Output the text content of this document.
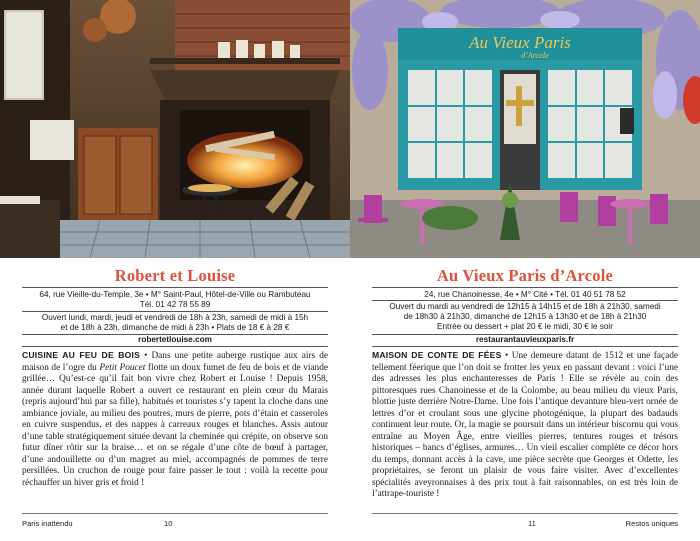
Robert et Louise
64, rue Vieille-du-Temple, 3e • M° Saint-Paul, Hôtel-de-Ville ou Rambuteau
Tél. 01 42 78 55 89
Ouvert lundi, mardi, jeudi et vendredi de 18h à 23h, samedi de midi à 15h
et de 18h à 23h, dimanche de midi à 23h • Plats de 18 € à 28 €
robertetlouise.com
CUISINE AU FEU DE BOIS • Dans une petite auberge rustique aux airs de maison de l’ogre du Petit Poucet flotte un doux fumet de feu de bois et de viande grillée… Qu’est-ce qu’il fait bon vivre chez Robert et Louise ! Depuis 1958, année durant laquelle Robert a ouvert ce restaurant en plein cœur du Marais (repris aujourd’hui par sa fille), habitués et touristes s’y tapent la cloche dans une ambiance joviale, au milieu des poutres, murs de pierre, pots d’étain et casseroles en cuivre suspendus, et des nappes à carreaux rouges et blanches. Assis autour d’une table stratégiquement située devant la cheminée qui crépite, on observe son futur dîner rôtir sur la braise… et on se régale d’une côte de bœuf à partager, d’une andouillette ou d’un magret au miel, accompagnés de pommes de terre persillées. Un cruchon de rouge pour faire passer le tout : voilà la recette pour réchauffer un hiver gris et froid !
Paris inattendu	10
Au Vieux Paris
d’Arcole
Au Vieux Paris d’Arcole
24, rue Chanoinesse, 4e • M° Cité • Tél. 01 40 51 78 52
Ouvert du mardi au vendredi de 12h15 à 14h15 et de 18h à 21h30, samedi
de 18h30 à 21h30, dimanche de 12h15 à 13h30 et de 18h à 21h30
Entrée ou dessert + plat 20 € le midi, 30 € le soir
restaurantauvieuxparis.fr
MAISON DE CONTE DE FÉES • Une demeure datant de 1512 et une façade tellement féerique que l’on doit se frotter les yeux en passant devant : voici l’une des adresses les plus enchanteresses de Paris ! Elle se révèle au coin des pittoresques rues Chanoinesse et de la Colombe, au beau milieu du vieux Paris, blottie juste derrière Notre-Dame. Une fois l’antique devanture bleu-vert ornée de lettres d’or et croulant sous une glycine photogénique, la plupart des badauds continuent leur route. Or, la magie se poursuit dans un intérieur biscornu qui vous entraîne au Moyen Âge, entre vieilles pierres, tentures rouges et trésors historiques – bancs d’églises, armures… Un vieil escalier complète ce décor hors du temps, donnant accès à la cave, une pièce secrète que Georges et Odette, les propriétaires, se feront un plaisir de vous faire visiter. Avec d’excellentes spécialités aveyronnaises à des prix tout à fait raisonnables, on est très loin de l’attrape-touriste !
11	Restos uniques
